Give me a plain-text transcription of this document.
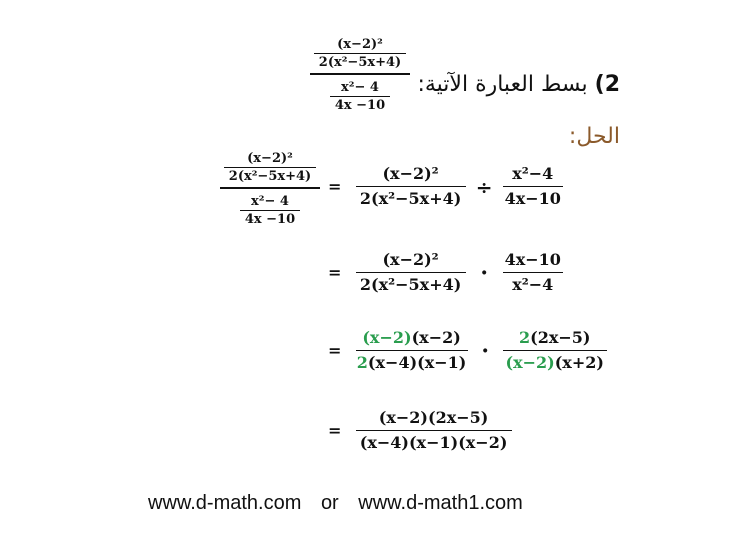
(x−2)²
2(x²−5x+4)
x²− 4
4x −10
2) بسط العبارة الآتية:
الحل:
(x−2)²
2(x²−5x+4)
x²− 4
4x −10
= $\frac{\text{(x−2)²}}{\text{2(x²−5x+4)}} \div \frac{\text{x²−4}}{4x-10}$
= $\frac{\text{(x−2)²}}{\text{2(x²−5x+4)}} \cdot \frac{4x-10}{\text{x²−4}}$
= $\frac{(x-2)(x-2)}{2(x-4)(x-1)} \cdot \frac{2(2x-5)}{(x-2)(x+2)}$
= $\frac{(x-2)(2x-5)}{(x-4)(x-1)(x-2)}$
www.d-math.com or www.d-math1.com
